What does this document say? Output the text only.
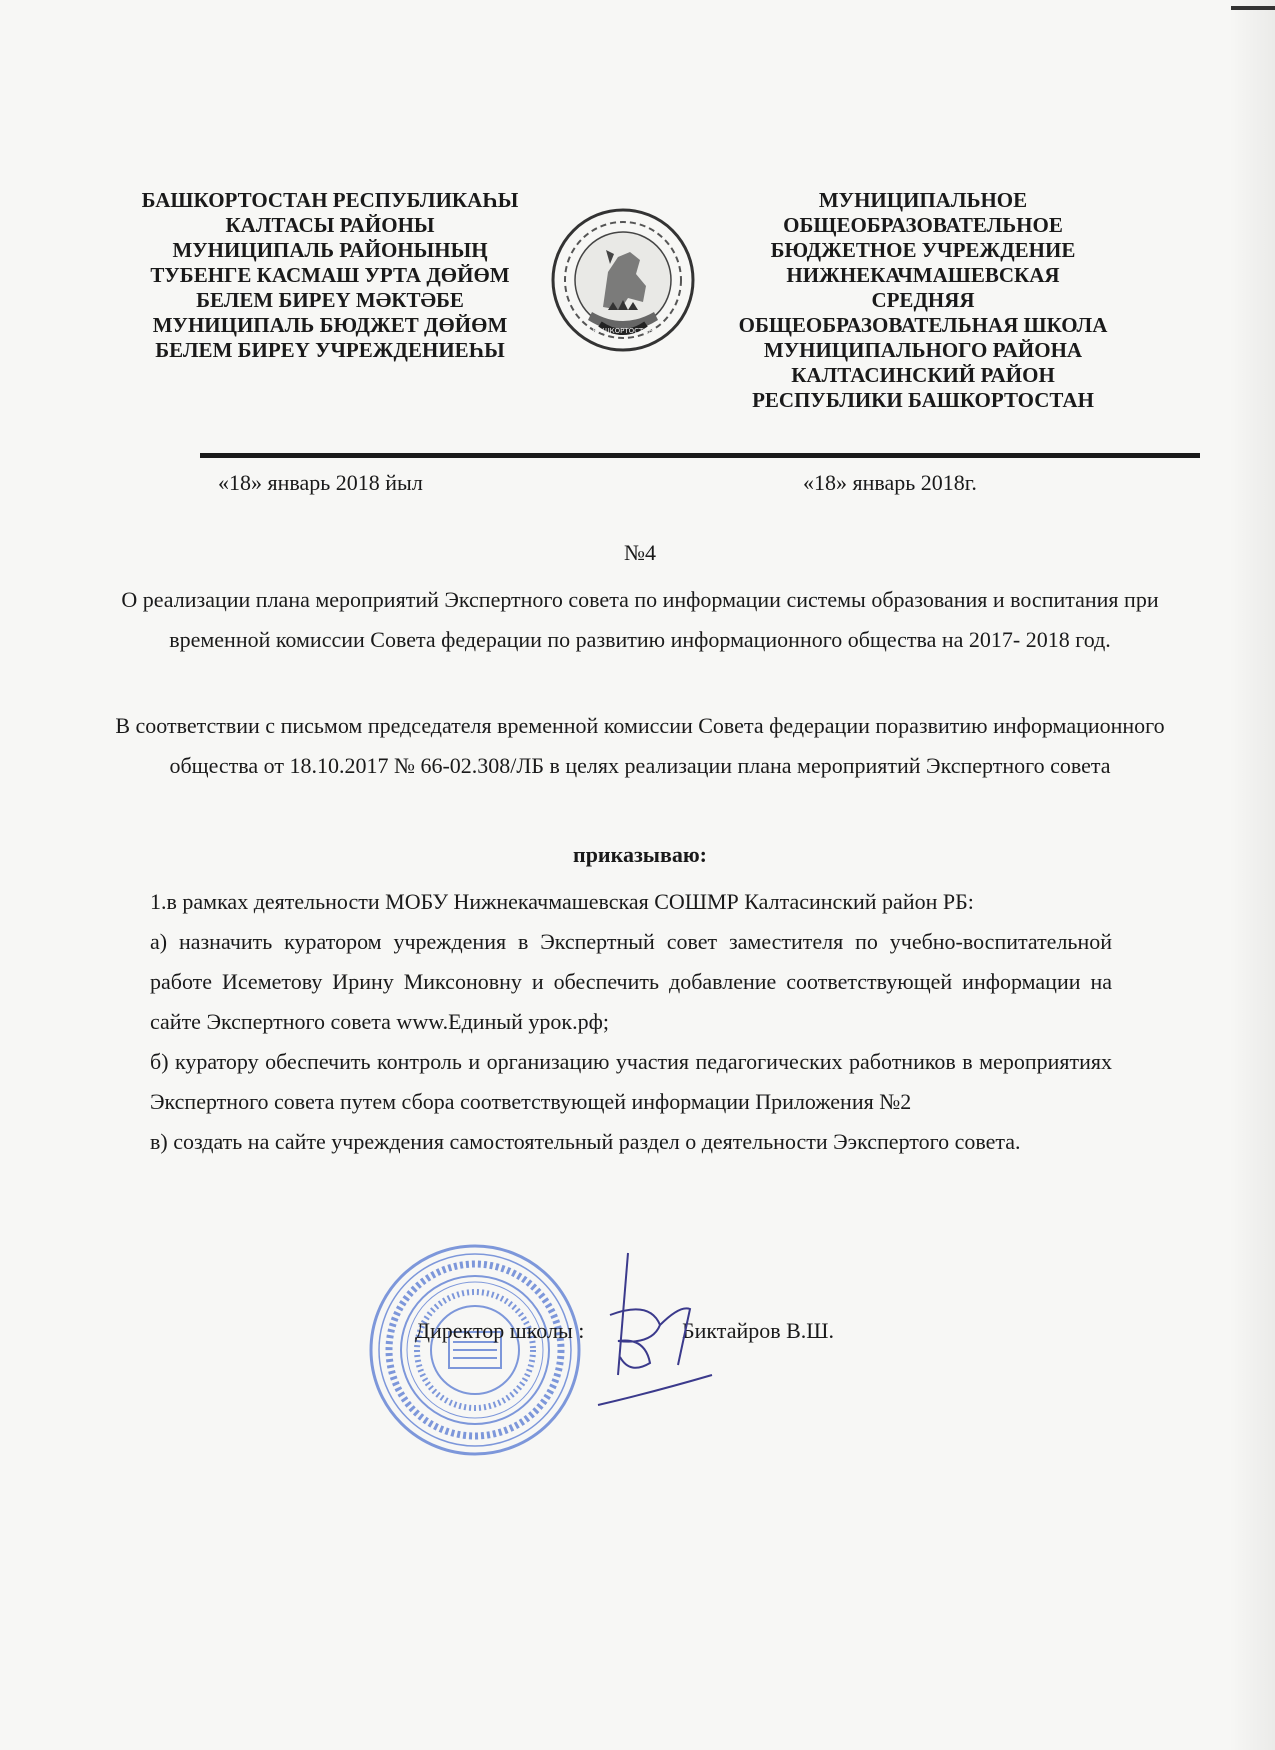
БАШКОРТОСТАН РЕСПУБЛИКАҺЫ
КАЛТАСЫ РАЙОНЫ
МУНИЦИПАЛЬ РАЙОНЫНЫҢ
ТУБЕНГЕ КАСМАШ УРТА ДӨЙӨМ
БЕЛЕМ БИРЕҮ МӘКТӘБЕ
МУНИЦИПАЛЬ БЮДЖЕТ ДӨЙӨМ
БЕЛЕМ БИРЕҮ УЧРЕЖДЕНИЕҺЫ
БАШКОРТОСТАН
МУНИЦИПАЛЬНОЕ
ОБЩЕОБРАЗОВАТЕЛЬНОЕ
БЮДЖЕТНОЕ УЧРЕЖДЕНИЕ
НИЖНЕКАЧМАШЕВСКАЯ
СРЕДНЯЯ
ОБЩЕОБРАЗОВАТЕЛЬНАЯ ШКОЛА
МУНИЦИПАЛЬНОГО РАЙОНА
КАЛТАСИНСКИЙ РАЙОН
РЕСПУБЛИКИ БАШКОРТОСТАН
«18» январь 2018 йыл	«18» январь 2018г.
№4
О реализации плана мероприятий Экспертного совета по информации системы образования и воспитания при временной комиссии Совета федерации по развитию информационного общества на 2017- 2018 год.
В соответствии с письмом председателя временной комиссии Совета федерации поразвитию информационного общества от 18.10.2017 № 66-02.308/ЛБ в целях реализации плана мероприятий Экспертного совета
приказываю:

1.в рамках деятельности МОБУ Нижнекачмашевская СОШМР Калтасинский район РБ:

а) назначить куратором учреждения в Экспертный совет заместителя по учебно-воспитательной работе Исеметову Ирину Миксоновну и обеспечить добавление соответствующей информации на сайте Экспертного совета www.Единый урок.рф;

б) куратору обеспечить контроль и организацию участия педагогических работников в мероприятиях Экспертного совета путем сбора соответствующей информации Приложения №2

в) создать на сайте учреждения самостоятельный раздел о деятельности Ээкспертого совета.

Директор школы :	Биктайров В.Ш.
